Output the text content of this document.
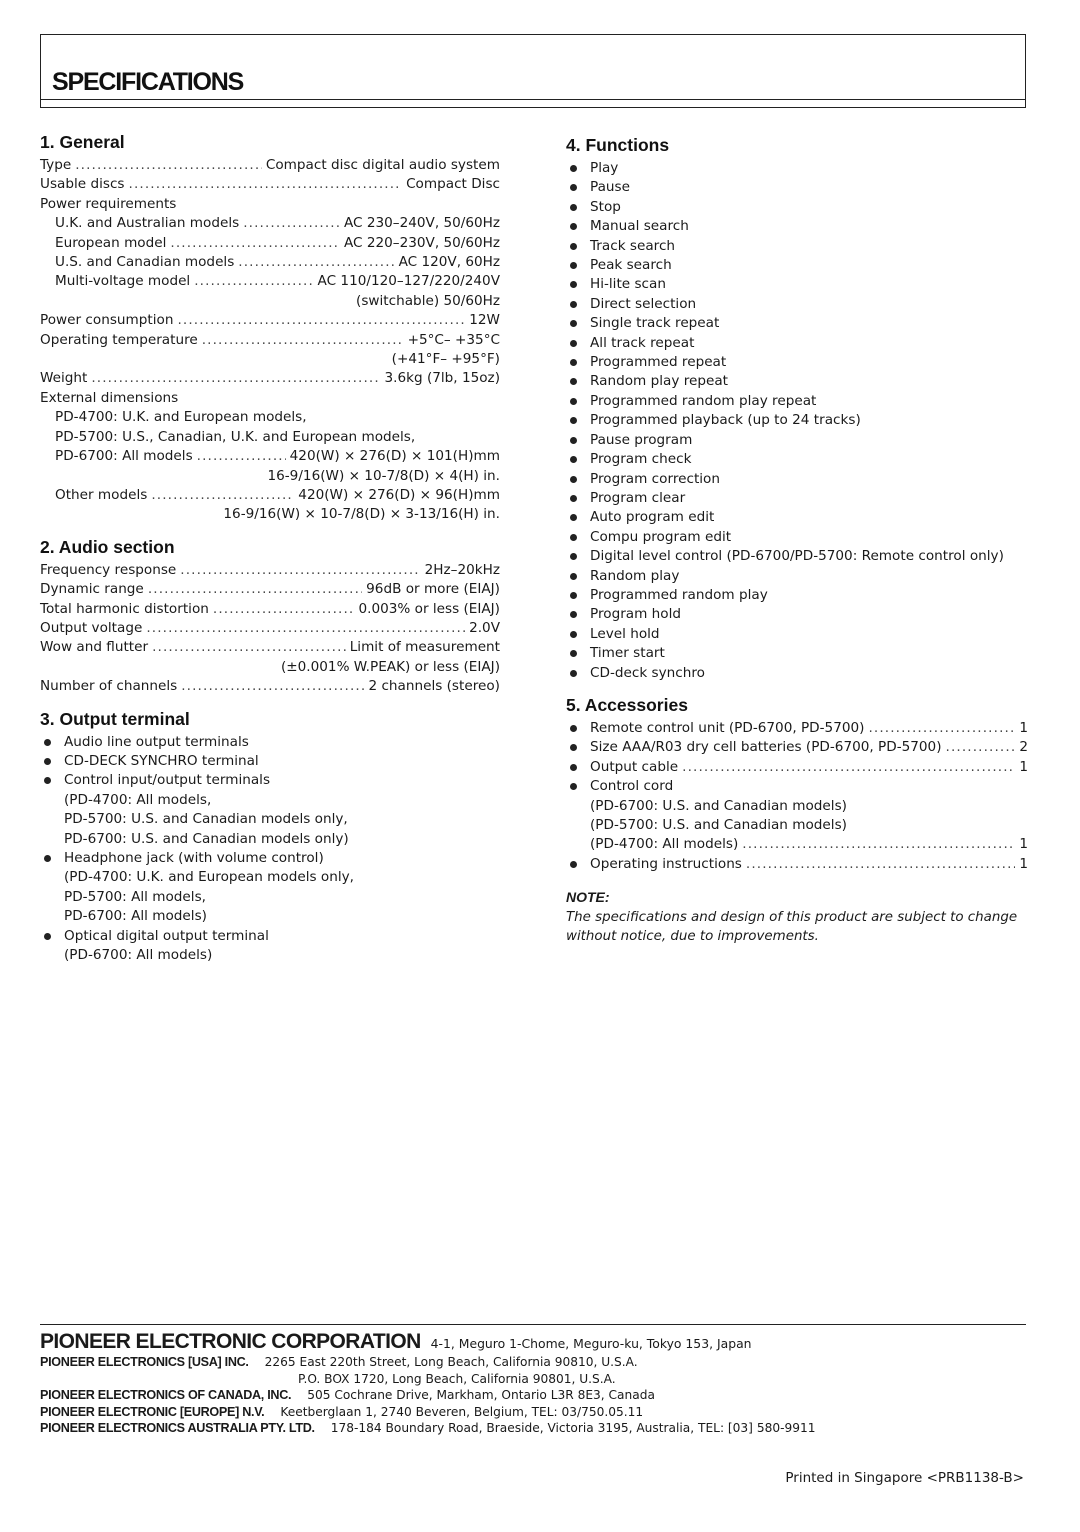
SPECIFICATIONS
1. General
Type . . .	Compact disc digital audio system
Usable discs . . .	Compact Disc
Power requirements
U.K. and Australian models . . .	AC 230–240V, 50/60Hz
European model . . .	AC 220–230V, 50/60Hz
U.S. and Canadian models . . .	AC 120V, 60Hz
Multi-voltage model . . .	AC 110/120–127/220/240V
(switchable) 50/60Hz
Power consumption . . .	12W
Operating temperature . . .	+5°C– +35°C
(+41°F– +95°F)
Weight . . .	3.6kg (7lb, 15oz)
External dimensions
PD-4700: U.K. and European models,
PD-5700: U.S., Canadian, U.K. and European models,
PD-6700: All models . . .	420(W) × 276(D) × 101(H)mm
16-9/16(W) × 10-7/8(D) × 4(H) in.
Other models . . .	420(W) × 276(D) × 96(H)mm
16-9/16(W) × 10-7/8(D) × 3-13/16(H) in.
2. Audio section
Frequency response . . .	2Hz–20kHz
Dynamic range . . .	96dB or more (EIAJ)
Total harmonic distortion . . .	0.003% or less (EIAJ)
Output voltage . . .	2.0V
Wow and flutter . . .	Limit of measurement
(±0.001% W.PEAK) or less (EIAJ)
Number of channels . . .	2 channels (stereo)
3. Output terminal
Audio line output terminals
CD-DECK SYNCHRO terminal
Control input/output terminals
(PD-4700: All models,
PD-5700: U.S. and Canadian models only,
PD-6700: U.S. and Canadian models only)
Headphone jack (with volume control)
(PD-4700: U.K. and European models only,
PD-5700: All models,
PD-6700: All models)
Optical digital output terminal
(PD-6700: All models)
4. Functions
Play
Pause
Stop
Manual search
Track search
Peak search
Hi-lite scan
Direct selection
Single track repeat
All track repeat
Programmed repeat
Random play repeat
Programmed random play repeat
Programmed playback (up to 24 tracks)
Pause program
Program check
Program correction
Program clear
Auto program edit
Compu program edit
Digital level control (PD-6700/PD-5700: Remote control only)
Random play
Programmed random play
Program hold
Level hold
Timer start
CD-deck synchro
5. Accessories
Remote control unit (PD-6700, PD-5700) . . .	1
Size AAA/R03 dry cell batteries (PD-6700, PD-5700) . . .	2
Output cable . . .	1
Control cord
(PD-6700: U.S. and Canadian models)
(PD-5700: U.S. and Canadian models)
(PD-4700: All models) . . .	1
Operating instructions . . .	1
NOTE:
The specifications and design of this product are subject to change
without notice, due to improvements.
PIONEER ELECTRONIC CORPORATION 4-1, Meguro 1-Chome, Meguro-ku, Tokyo 153, Japan
PIONEER ELECTRONICS [USA] INC. 2265 East 220th Street, Long Beach, California 90810, U.S.A.
P.O. BOX 1720, Long Beach, California 90801, U.S.A.
PIONEER ELECTRONICS OF CANADA, INC. 505 Cochrane Drive, Markham, Ontario L3R 8E3, Canada
PIONEER ELECTRONIC [EUROPE] N.V. Keetberglaan 1, 2740 Beveren, Belgium, TEL: 03/750.05.11
PIONEER ELECTRONICS AUSTRALIA PTY. LTD. 178-184 Boundary Road, Braeside, Victoria 3195, Australia, TEL: [03] 580-9911
Printed in Singapore <PRB1138-B>
